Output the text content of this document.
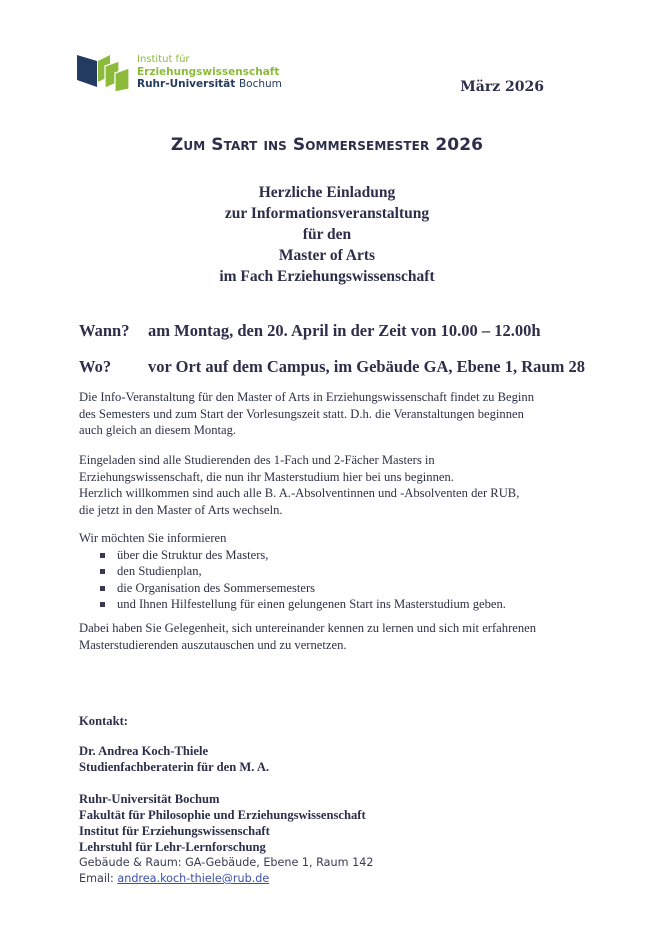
Institut für
Erziehungswissenschaft
Ruhr-Universität Bochum	März 2026
Zum Start ins Sommersemester 2026
Herzliche Einladung
zur Informationsveranstaltung
für den
Master of Arts
im Fach Erziehungswissenschaft
Wann?	am Montag, den 20. April in der Zeit von 10.00 – 12.00h
Wo?	vor Ort auf dem Campus, im Gebäude GA, Ebene 1, Raum 28

Die Info-Veranstaltung für den Master of Arts in Erziehungswissenschaft findet zu Beginn

des Semesters und zum Start der Vorlesungszeit statt. D.h. die Veranstaltungen beginnen

auch gleich an diesem Montag.

Eingeladen sind alle Studierenden des 1-Fach und 2-Fächer Masters in

Erziehungswissenschaft, die nun ihr Masterstudium hier bei uns beginnen.

Herzlich willkommen sind auch alle B. A.-Absolventinnen und -Absolventen der RUB,

die jetzt in den Master of Arts wechseln.

Wir möchten Sie informieren

über die Struktur des Masters,
den Studienplan,
die Organisation des Sommersemesters
und Ihnen Hilfestellung für einen gelungenen Start ins Masterstudium geben.

Dabei haben Sie Gelegenheit, sich untereinander kennen zu lernen und sich mit erfahrenen

Masterstudierenden auszutauschen und zu vernetzen.

Kontakt:
Dr. Andrea Koch-Thiele
Studienfachberaterin für den M. A.
Ruhr-Universität Bochum
Fakultät für Philosophie und Erziehungswissenschaft
Institut für Erziehungswissenschaft
Lehrstuhl für Lehr-Lernforschung
Gebäude & Raum: GA-Gebäude, Ebene 1, Raum 142
Email: andrea.koch-thiele@rub.de
